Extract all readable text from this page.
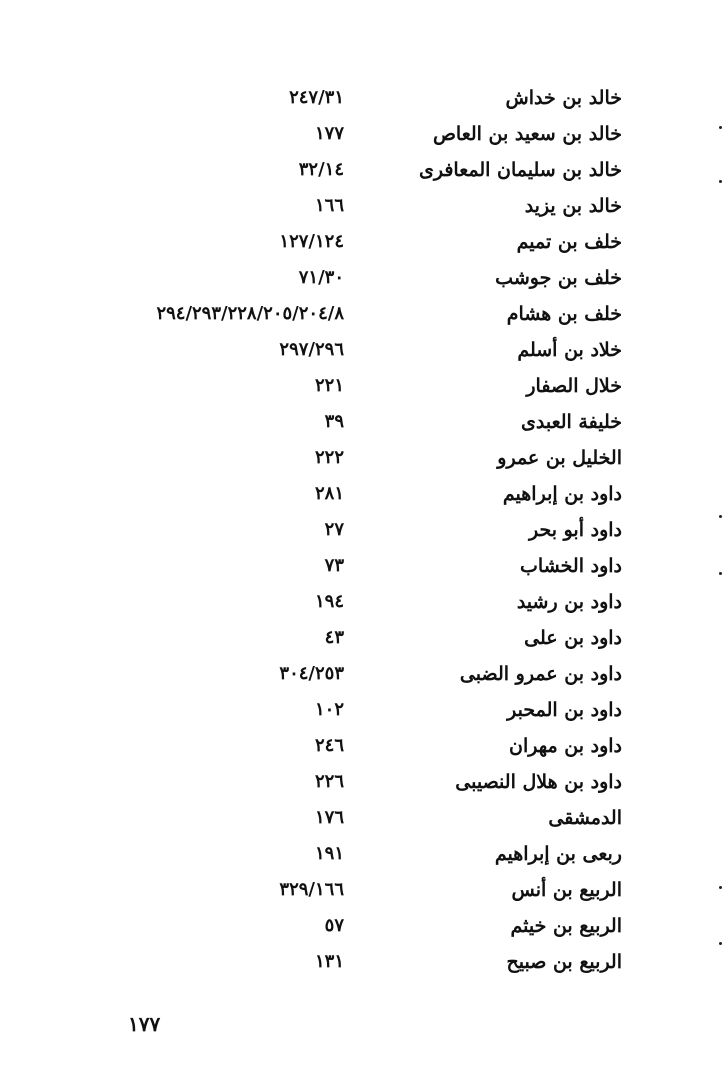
خالد بن خداش
٢٤٧/٣١
خالد بن سعيد بن العاص
١٧٧
خالد بن سليمان المعافرى
٣٢/١٤
خالد بن يزيد
١٦٦
خلف بن تميم
١٢٧/١٢٤
خلف بن جوشب
٧١/٣٠
خلف بن هشام
٢٩٤/٢٩٣/٢٢٨/٢٠٥/٢٠٤/٨
خلاد بن أسلم
٢٩٧/٢٩٦
خلال الصفار
٢٢١
خليفة العبدى
٣٩
الخليل بن عمرو
٢٢٢
داود بن إبراهيم
٢٨١
داود أبو بحر
٢٧
داود الخشاب
٧٣
داود بن رشيد
١٩٤
داود بن على
٤٣
داود بن عمرو الضبى
٣٠٤/٢٥٣
داود بن المحبر
١٠٢
داود بن مهران
٢٤٦
داود بن هلال النصيبى
٢٢٦
الدمشقى
١٧٦
ربعى بن إبراهيم
١٩١
الربيع بن أنس
٣٢٩/١٦٦
الربيع بن خيثم
٥٧
الربيع بن صبيح
١٣١
١٧٧
